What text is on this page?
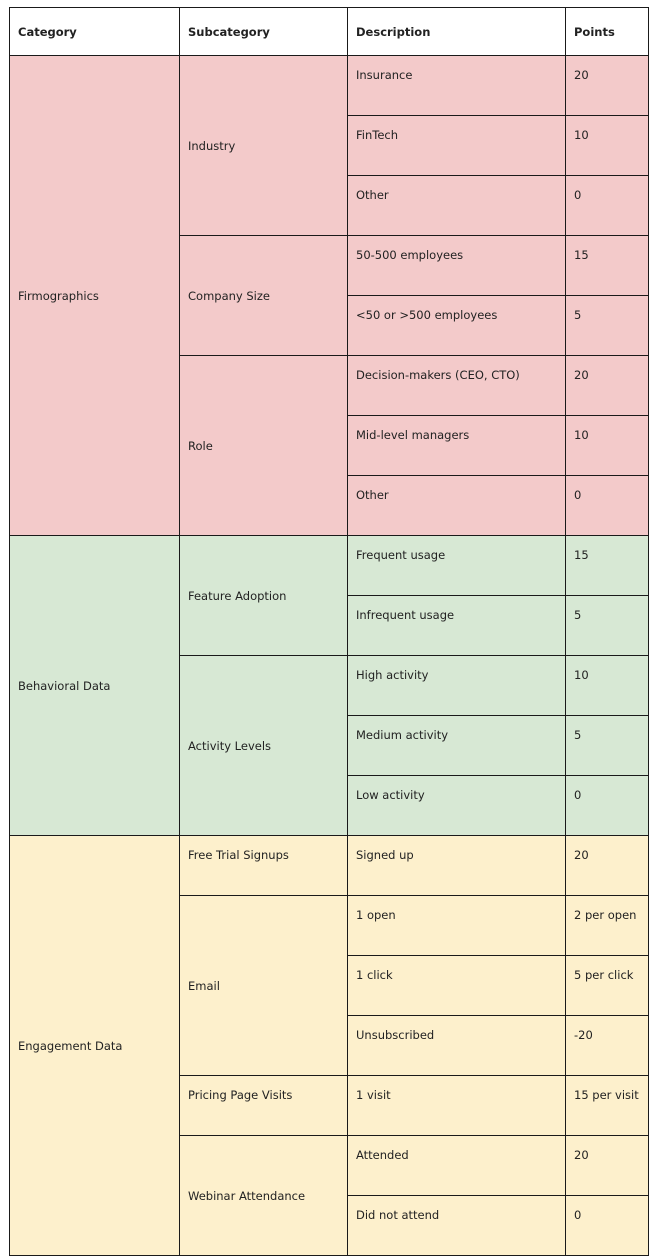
Category	Subcategory	Description	Points
Firmographics	Industry	Insurance	20
		FinTech	10
		Other	0
	Company Size	50-500 employees	15
		<50 or >500 employees	5
	Role	Decision-makers (CEO, CTO)	20
		Mid-level managers	10
		Other	0
Behavioral Data	Feature Adoption	Frequent usage	15
		Infrequent usage	5
	Activity Levels	High activity	10
		Medium activity	5
		Low activity	0
Engagement Data	Free Trial Signups	Signed up	20
	Email	1 open	2 per open
		1 click	5 per click
		Unsubscribed	-20
	Pricing Page Visits	1 visit	15 per visit
	Webinar Attendance	Attended	20
		Did not attend	0
